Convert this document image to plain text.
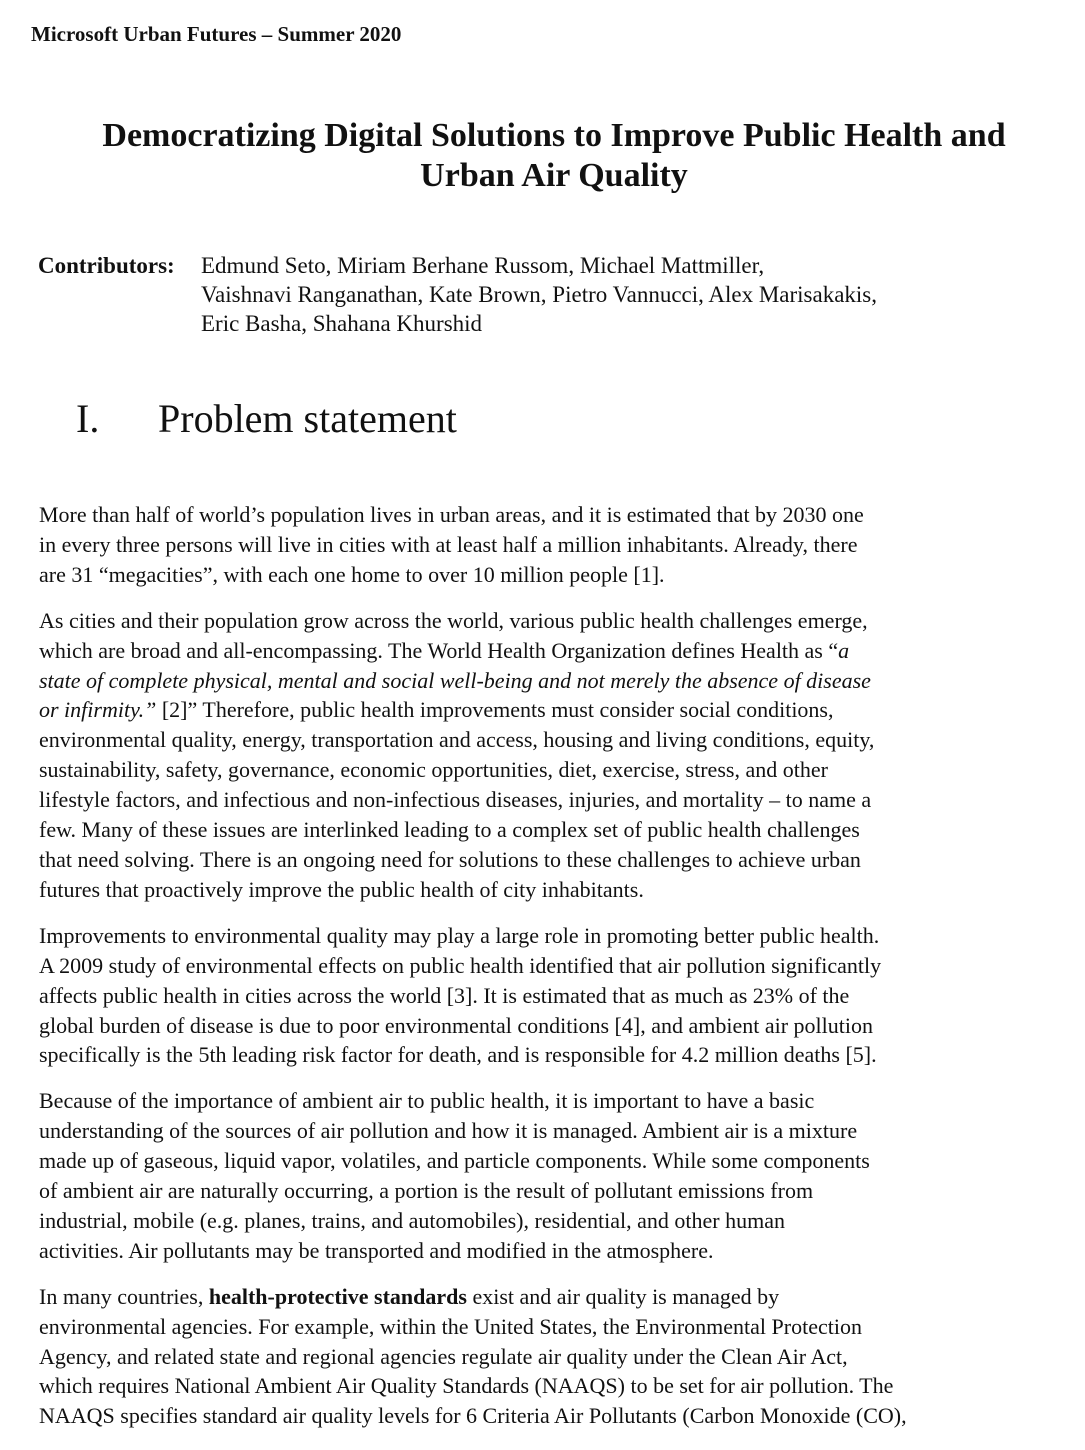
Microsoft Urban Futures – Summer 2020
Democratizing Digital Solutions to Improve Public Health and
Urban Air Quality
Contributors:	Edmund Seto, Miriam Berhane Russom, Michael Mattmiller,
Vaishnavi Ranganathan, Kate Brown, Pietro Vannucci, Alex Marisakakis,
Eric Basha, Shahana Khurshid
I. Problem statement

More than half of world’s population lives in urban areas, and it is estimated that by 2030 one
in every three persons will live in cities with at least half a million inhabitants. Already, there
are 31 “megacities”, with each one home to over 10 million people [1].

As cities and their population grow across the world, various public health challenges emerge,
which are broad and all-encompassing. The World Health Organization defines Health as “a
state of complete physical, mental and social well-being and not merely the absence of disease
or infirmity.” [2]” Therefore, public health improvements must consider social conditions,
environmental quality, energy, transportation and access, housing and living conditions, equity,
sustainability, safety, governance, economic opportunities, diet, exercise, stress, and other
lifestyle factors, and infectious and non-infectious diseases, injuries, and mortality – to name a
few. Many of these issues are interlinked leading to a complex set of public health challenges
that need solving. There is an ongoing need for solutions to these challenges to achieve urban
futures that proactively improve the public health of city inhabitants.

Improvements to environmental quality may play a large role in promoting better public health.
A 2009 study of environmental effects on public health identified that air pollution significantly
affects public health in cities across the world [3]. It is estimated that as much as 23% of the
global burden of disease is due to poor environmental conditions [4], and ambient air pollution
specifically is the 5th leading risk factor for death, and is responsible for 4.2 million deaths [5].

Because of the importance of ambient air to public health, it is important to have a basic
understanding of the sources of air pollution and how it is managed. Ambient air is a mixture
made up of gaseous, liquid vapor, volatiles, and particle components. While some components
of ambient air are naturally occurring, a portion is the result of pollutant emissions from
industrial, mobile (e.g. planes, trains, and automobiles), residential, and other human
activities. Air pollutants may be transported and modified in the atmosphere.

In many countries, health-protective standards exist and air quality is managed by
environmental agencies. For example, within the United States, the Environmental Protection
Agency, and related state and regional agencies regulate air quality under the Clean Air Act,
which requires National Ambient Air Quality Standards (NAAQS) to be set for air pollution. The
NAAQS specifies standard air quality levels for 6 Criteria Air Pollutants (Carbon Monoxide (CO),
